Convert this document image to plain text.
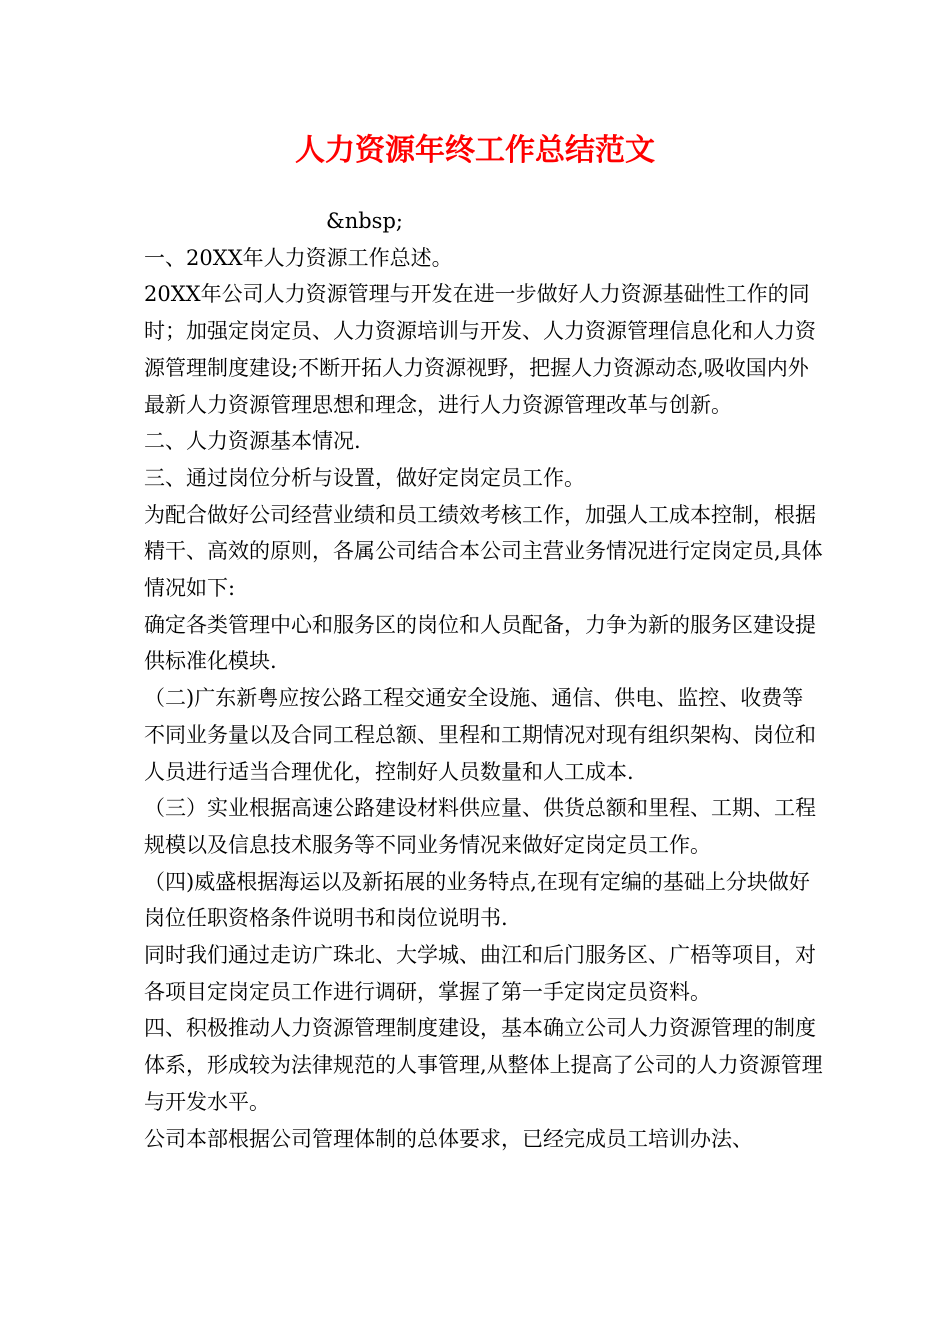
人力资源年终工作总结范文

&nbsp;

一、20XX年人力资源工作总述。

20XX年公司人力资源管理与开发在进一步做好人力资源基础性工作的同时；加强定岗定员、人力资源培训与开发、人力资源管理信息化和人力资源管理制度建设;不断开拓人力资源视野，把握人力资源动态,吸收国内外最新人力资源管理思想和理念，进行人力资源管理改革与创新。

二、人力资源基本情况.

三、通过岗位分析与设置，做好定岗定员工作。

为配合做好公司经营业绩和员工绩效考核工作，加强人工成本控制，根据精干、高效的原则，各属公司结合本公司主营业务情况进行定岗定员,具体情况如下:

确定各类管理中心和服务区的岗位和人员配备，力争为新的服务区建设提供标准化模块.

（二)广东新粤应按公路工程交通安全设施、通信、供电、监控、收费等不同业务量以及合同工程总额、里程和工期情况对现有组织架构、岗位和人员进行适当合理优化，控制好人员数量和人工成本.

（三）实业根据高速公路建设材料供应量、供货总额和里程、工期、工程规模以及信息技术服务等不同业务情况来做好定岗定员工作。

（四)威盛根据海运以及新拓展的业务特点,在现有定编的基础上分块做好岗位任职资格条件说明书和岗位说明书.

同时我们通过走访广珠北、大学城、曲江和后门服务区、广梧等项目，对各项目定岗定员工作进行调研，掌握了第一手定岗定员资料。

四、积极推动人力资源管理制度建设，基本确立公司人力资源管理的制度体系，形成较为法律规范的人事管理,从整体上提高了公司的人力资源管理与开发水平。

公司本部根据公司管理体制的总体要求，已经完成员工培训办法、
